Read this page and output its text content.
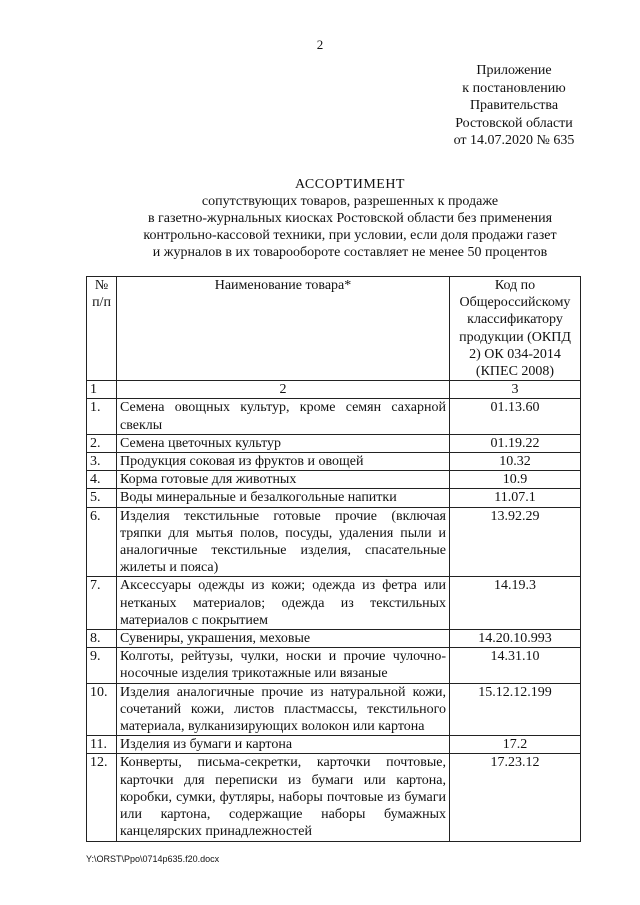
2
Приложение
к постановлению
Правительства
Ростовской области
от 14.07.2020 № 635
АССОРТИМЕНТ
сопутствующих товаров, разрешенных к продаже
в газетно-журнальных киосках Ростовской области без применения
контрольно-кассовой техники, при условии, если доля продажи газет
и журналов в их товарообороте составляет не менее 50 процентов
№ п/п	Наименование товара*	Код по Общероссийскому классификатору продукции (ОКПД 2) ОК 034-2014 (КПЕС 2008)
1	2	3
1.	Семена овощных культур, кроме семян сахарной свеклы	01.13.60
2.	Семена цветочных культур	01.19.22
3.	Продукция соковая из фруктов и овощей	10.32
4.	Корма готовые для животных	10.9
5.	Воды минеральные и безалкогольные напитки	11.07.1
6.	Изделия текстильные готовые прочие (включая тряпки для мытья полов, посуды, удаления пыли и аналогичные текстильные изделия, спасательные жилеты и пояса)	13.92.29
7.	Аксессуары одежды из кожи; одежда из фетра или нетканых материалов; одежда из текстильных материалов с покрытием	14.19.3
8.	Сувениры, украшения, меховые	14.20.10.993
9.	Колготы, рейтузы, чулки, носки и прочие чулочно-носочные изделия трикотажные или вязаные	14.31.10
10.	Изделия аналогичные прочие из натуральной кожи, сочетаний кожи, листов пластмассы, текстильного материала, вулканизирующих волокон или картона	15.12.12.199
11.	Изделия из бумаги и картона	17.2
12.	Конверты, письма-секретки, карточки почтовые, карточки для переписки из бумаги или картона, коробки, сумки, футляры, наборы почтовые из бумаги или картона, содержащие наборы бумажных канцелярских принадлежностей	17.23.12
Y:\ORST\Ppo\0714p635.f20.docx
